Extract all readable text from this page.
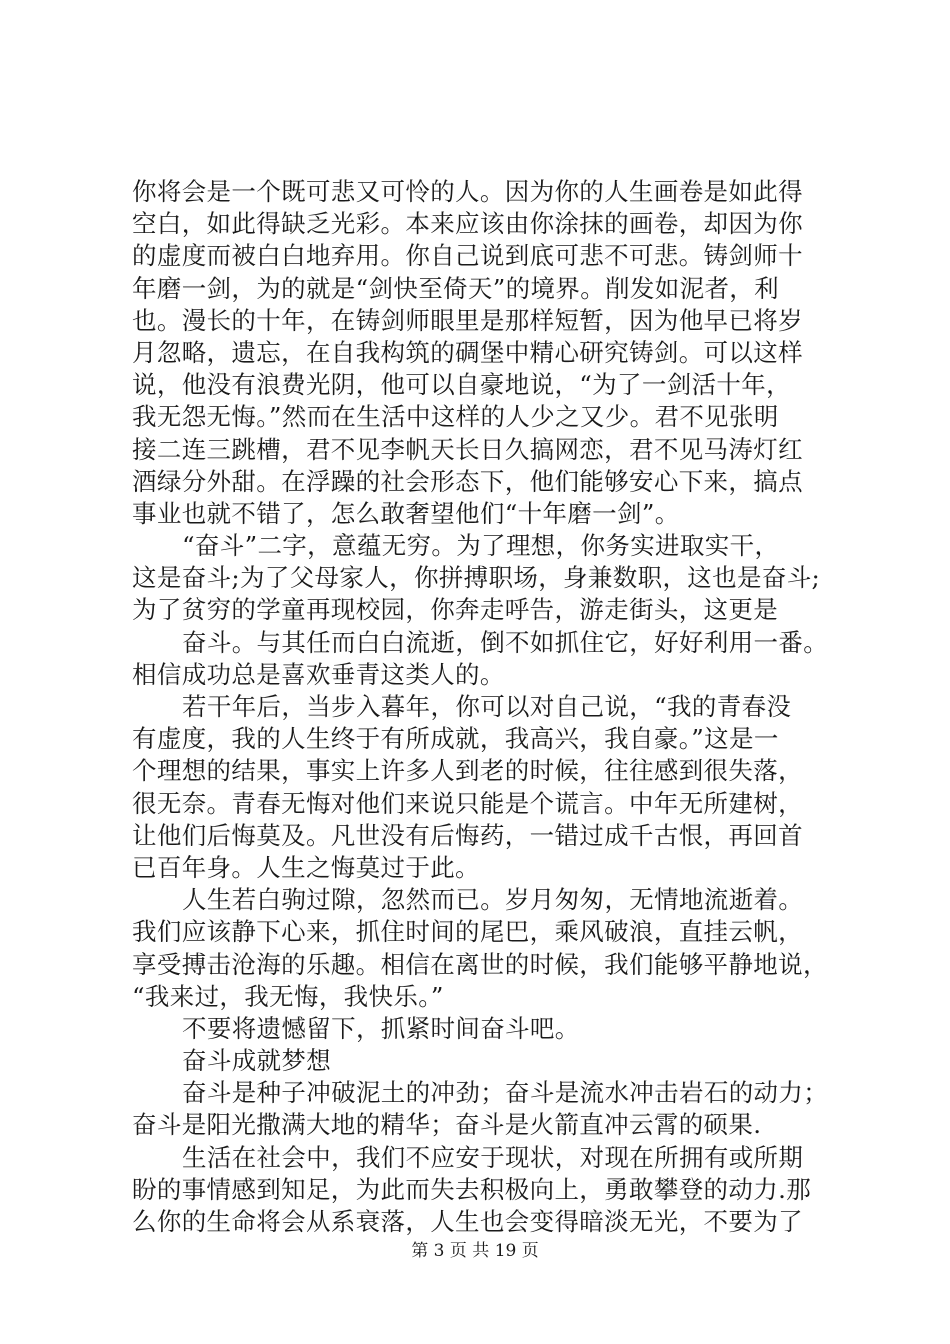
你将会是一个既可悲又可怜的人。因为你的人生画卷是如此得
空白，如此得缺乏光彩。本来应该由你涂抹的画卷，却因为你
的虚度而被白白地弃用。你自己说到底可悲不可悲。铸剑师十
年磨一剑，为的就是“剑快至倚天”的境界。削发如泥者，利
也。漫长的十年，在铸剑师眼里是那样短暂，因为他早已将岁
月忽略，遗忘，在自我构筑的碉堡中精心研究铸剑。可以这样
说，他没有浪费光阴，他可以自豪地说，“为了一剑活十年，
我无怨无悔。”然而在生活中这样的人少之又少。君不见张明
接二连三跳槽，君不见李帆天长日久搞网恋，君不见马涛灯红
酒绿分外甜。在浮躁的社会形态下，他们能够安心下来，搞点
事业也就不错了，怎么敢奢望他们“十年磨一剑”。
“奋斗”二字，意蕴无穷。为了理想，你务实进取实干，
这是奋斗;为了父母家人，你拼搏职场，身兼数职，这也是奋斗;
为了贫穷的学童再现校园，你奔走呼告，游走街头，这更是
奋斗。与其任而白白流逝，倒不如抓住它，好好利用一番。
相信成功总是喜欢垂青这类人的。
若干年后，当步入暮年，你可以对自己说，“我的青春没
有虚度，我的人生终于有所成就，我高兴，我自豪。”这是一
个理想的结果，事实上许多人到老的时候，往往感到很失落，
很无奈。青春无悔对他们来说只能是个谎言。中年无所建树，
让他们后悔莫及。凡世没有后悔药，一错过成千古恨，再回首
已百年身。人生之悔莫过于此。
人生若白驹过隙，忽然而已。岁月匆匆，无情地流逝着。
我们应该静下心来，抓住时间的尾巴，乘风破浪，直挂云帆，
享受搏击沧海的乐趣。相信在离世的时候，我们能够平静地说，
“我来过，我无悔，我快乐。”
不要将遗憾留下，抓紧时间奋斗吧。
奋斗成就梦想
奋斗是种子冲破泥土的冲劲；奋斗是流水冲击岩石的动力；
奋斗是阳光撒满大地的精华；奋斗是火箭直冲云霄的硕果.
生活在社会中，我们不应安于现状，对现在所拥有或所期
盼的事情感到知足，为此而失去积极向上，勇敢攀登的动力.那
么你的生命将会从系衰落，人生也会变得暗淡无光，不要为了
第 3 页 共 19 页
